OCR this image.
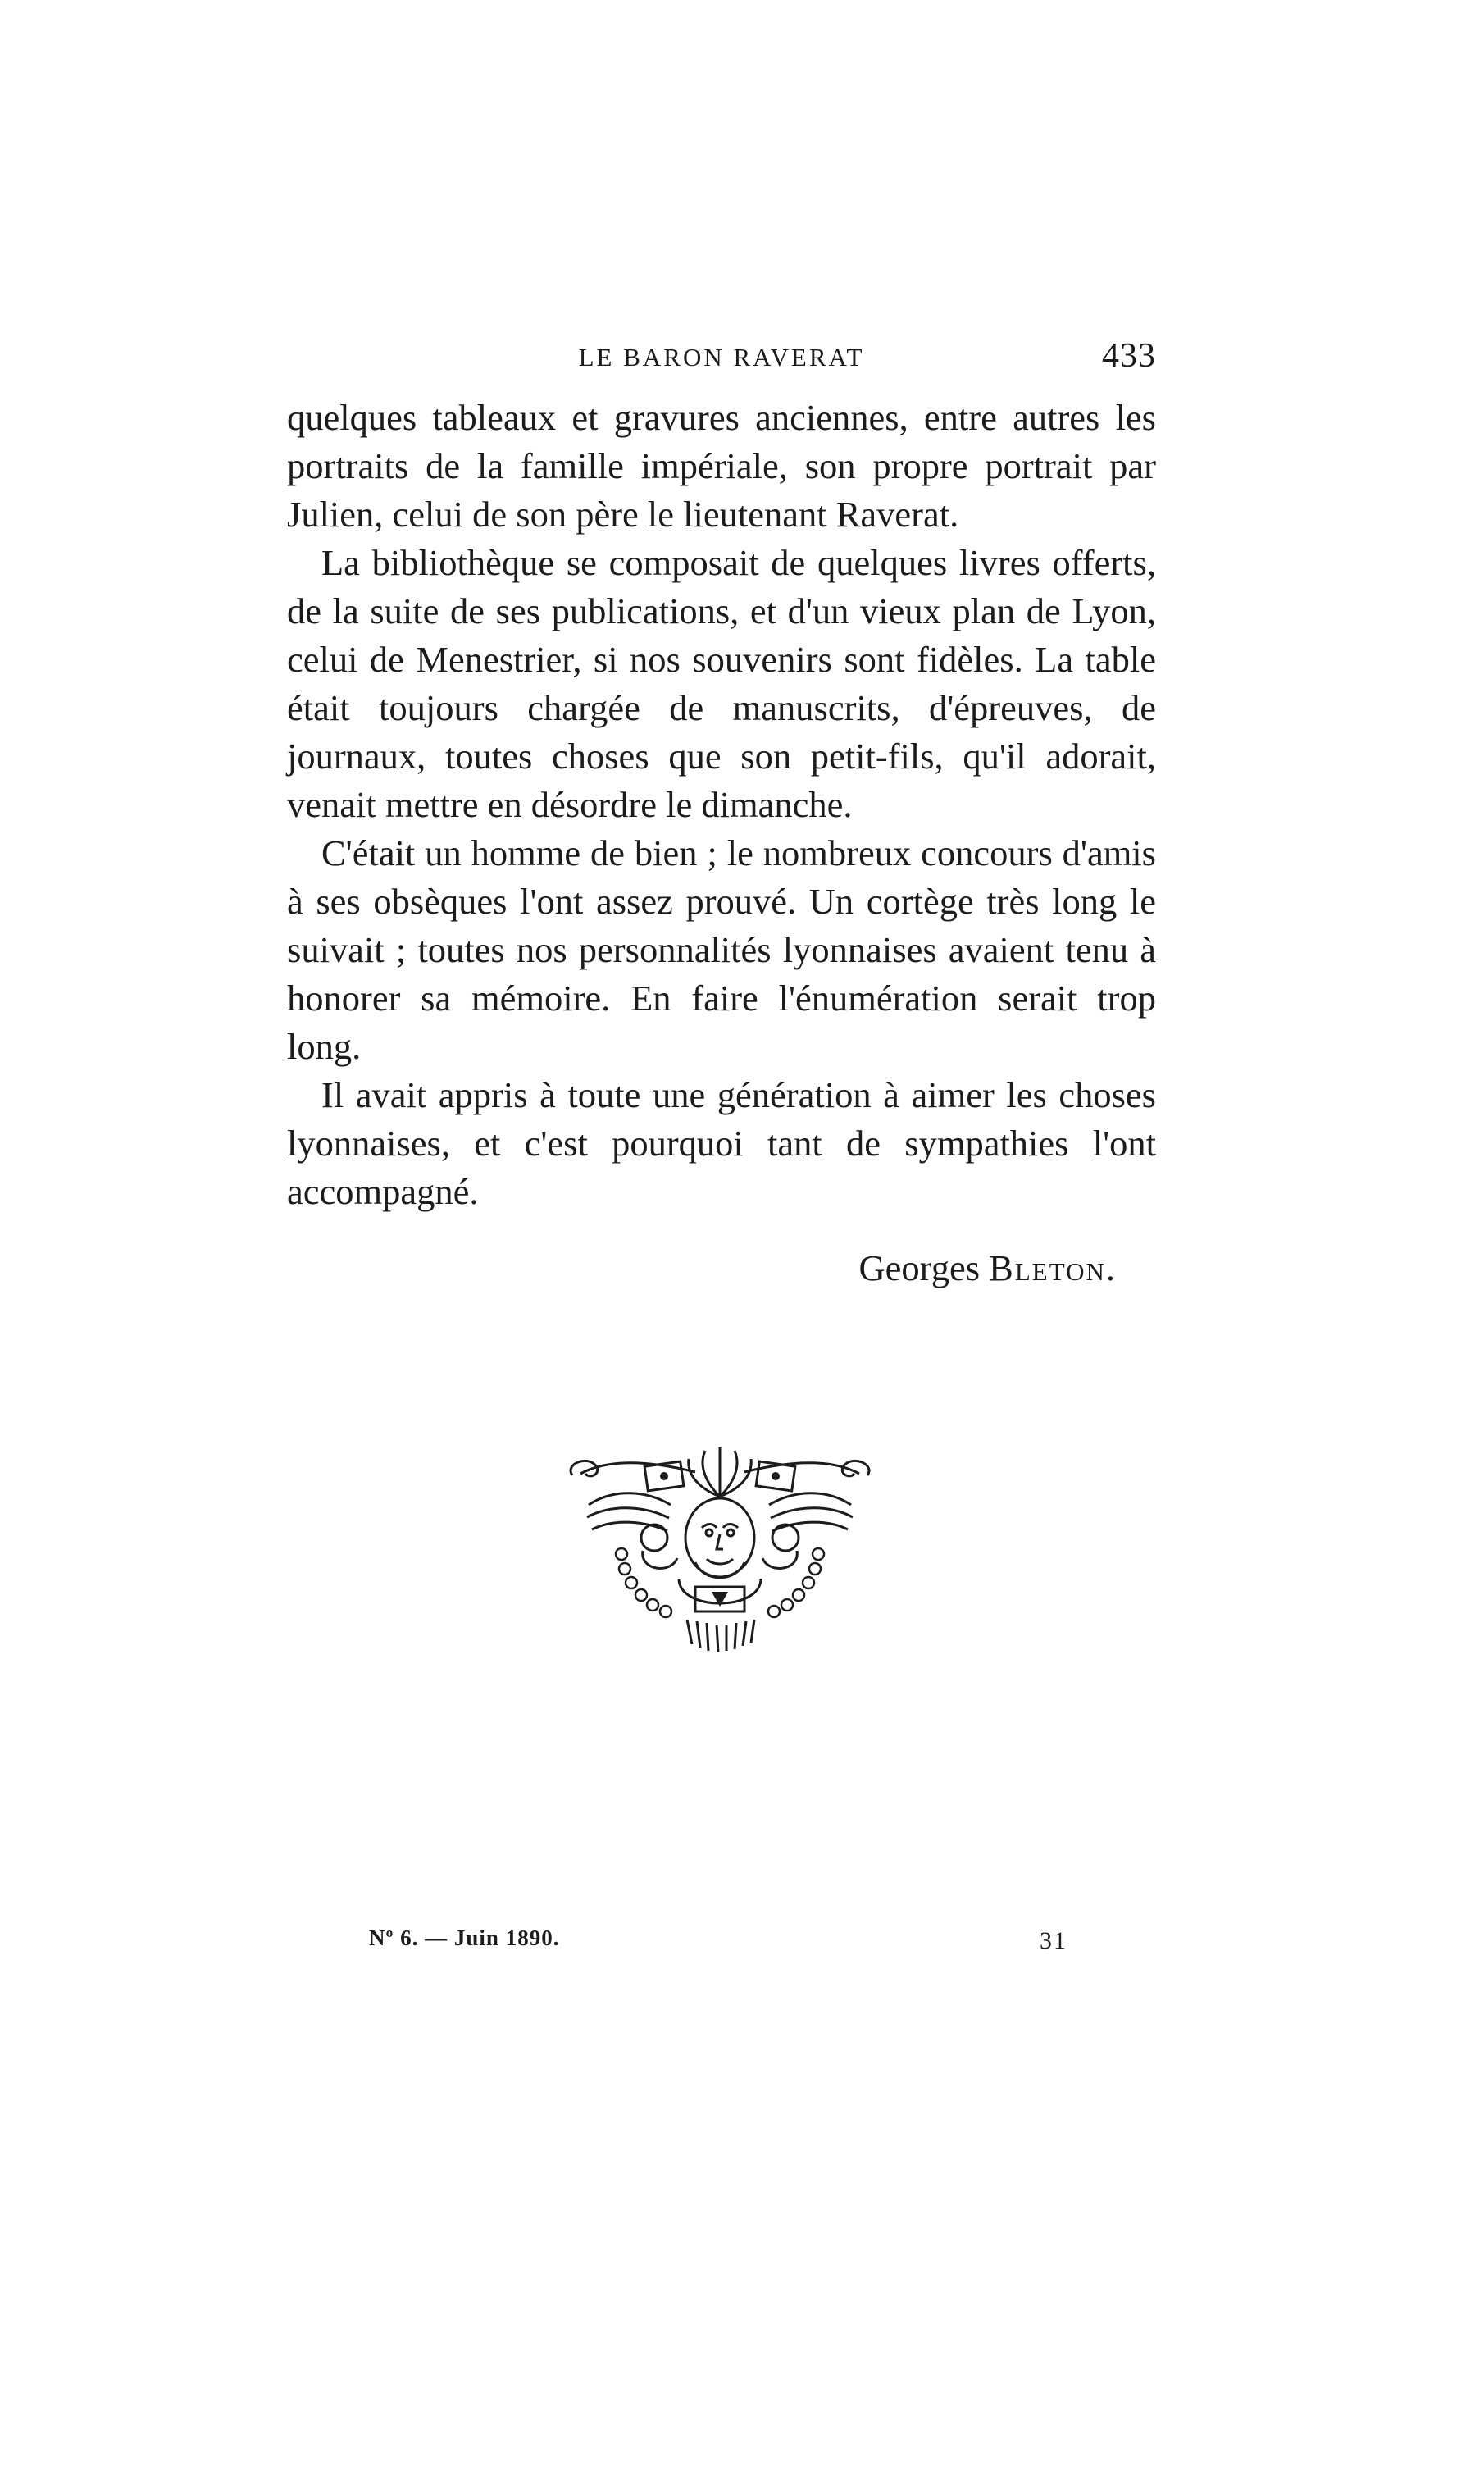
LE BARON RAVERAT	433

quelques tableaux et gravures anciennes, entre autres les portraits de la famille impériale, son propre portrait par Julien, celui de son père le lieutenant Raverat.

La bibliothèque se composait de quelques livres offerts, de la suite de ses publications, et d'un vieux plan de Lyon, celui de Menestrier, si nos souvenirs sont fidèles. La table était toujours chargée de manuscrits, d'épreuves, de journaux, toutes choses que son petit-fils, qu'il adorait, venait mettre en désordre le dimanche.

C'était un homme de bien ; le nombreux concours d'amis à ses obsèques l'ont assez prouvé. Un cortège très long le suivait ; toutes nos personnalités lyonnaises avaient tenu à honorer sa mémoire. En faire l'énumération serait trop long.

Il avait appris à toute une génération à aimer les choses lyonnaises, et c'est pourquoi tant de sympathies l'ont accompagné.

Georges Bleton.
Nº 6. — Juin 1890.	31
